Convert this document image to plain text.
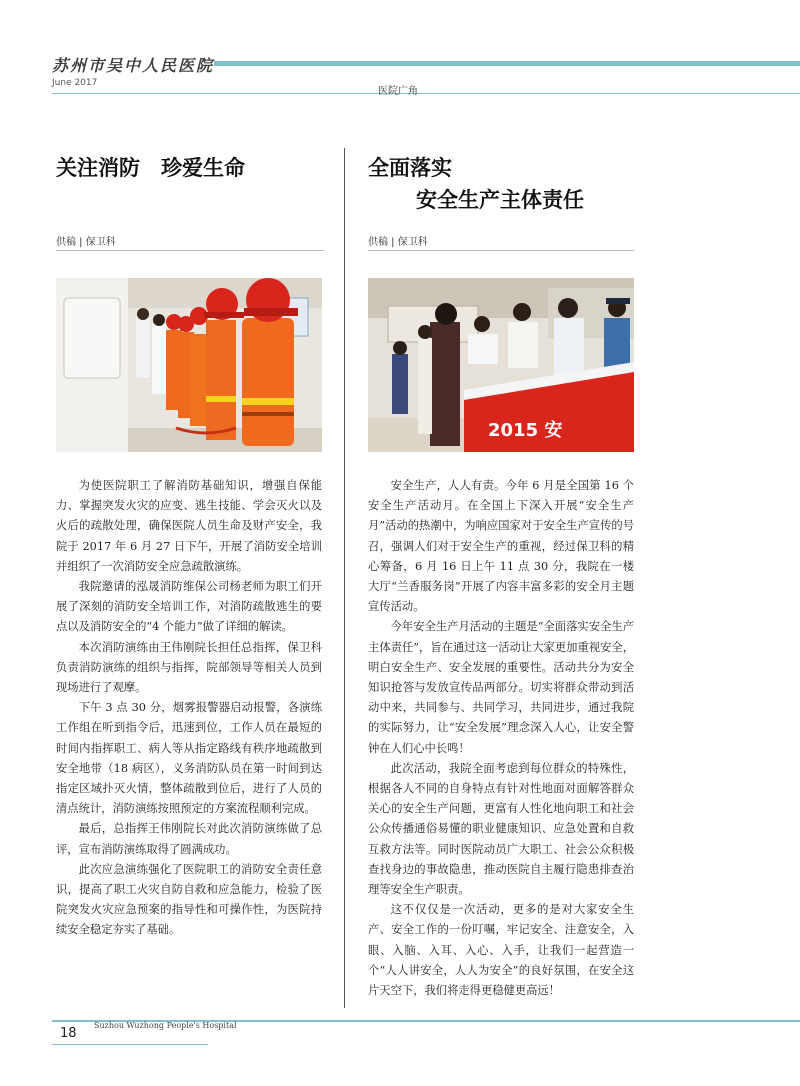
苏州市吴中人民医院
June 2017
医院广角
关注消防　珍爱生命
供稿 | 保卫科

为使医院职工了解消防基础知识，增强自保能力、掌握突发火灾的应变、逃生技能、学会灭火以及火后的疏散处理，确保医院人员生命及财产安全，我院于 2017 年 6 月 27 日下午，开展了消防安全培训并组织了一次消防安全应急疏散演练。

我院邀请的泓晟消防维保公司杨老师为职工们开展了深刻的消防安全培训工作，对消防疏散逃生的要点以及消防安全的“4 个能力”做了详细的解读。

本次消防演练由王伟刚院长担任总指挥，保卫科负责消防演练的组织与指挥，院部领导等相关人员到现场进行了观摩。

下午 3 点 30 分，烟雾报警器启动报警，各演练工作组在听到指令后，迅速到位，工作人员在最短的时间内指挥职工、病人等从指定路线有秩序地疏散到安全地带（18 病区），义务消防队员在第一时间到达指定区域扑灭火情，整体疏散到位后，进行了人员的清点统计，消防演练按照预定的方案流程顺利完成。

最后，总指挥王伟刚院长对此次消防演练做了总评，宣布消防演练取得了圆满成功。

此次应急演练强化了医院职工的消防安全责任意识，提高了职工火灾自防自救和应急能力，检验了医院突发火灾应急预案的指导性和可操作性，为医院持续安全稳定夯实了基础。

全面落实
安全生产主体责任
供稿 | 保卫科
2015 安

安全生产，人人有责。今年 6 月是全国第 16 个安全生产活动月。在全国上下深入开展“安全生产月”活动的热潮中，为响应国家对于安全生产宣传的号召，强调人们对于安全生产的重视，经过保卫科的精心筹备，6 月 16 日上午 11 点 30 分，我院在一楼大厅“兰香服务岗”开展了内容丰富多彩的安全月主题宣传活动。

今年安全生产月活动的主题是“全面落实安全生产主体责任”，旨在通过这一活动让大家更加重视安全，明白安全生产、安全发展的重要性。活动共分为安全知识抢答与发放宣传品两部分。切实将群众带动到活动中来，共同参与、共同学习，共同进步，通过我院的实际努力，让“安全发展”理念深入人心，让安全警钟在人们心中长鸣！

此次活动，我院全面考虑到每位群众的特殊性，根据各人不同的自身特点有针对性地面对面解答群众关心的安全生产问题，更富有人性化地向职工和社会公众传播通俗易懂的职业健康知识、应急处置和自救互救方法等。同时医院动员广大职工、社会公众积极查找身边的事故隐患，推动医院自主履行隐患排查治理等安全生产职责。

这不仅仅是一次活动，更多的是对大家安全生产、安全工作的一份叮嘱，牢记安全、注意安全，入眼、入脑、入耳、入心、入手，让我们一起营造一个“人人讲安全，人人为安全”的良好氛围，在安全这片天空下，我们将走得更稳健更高远！

18
Suzhou Wuzhong People's Hospital
